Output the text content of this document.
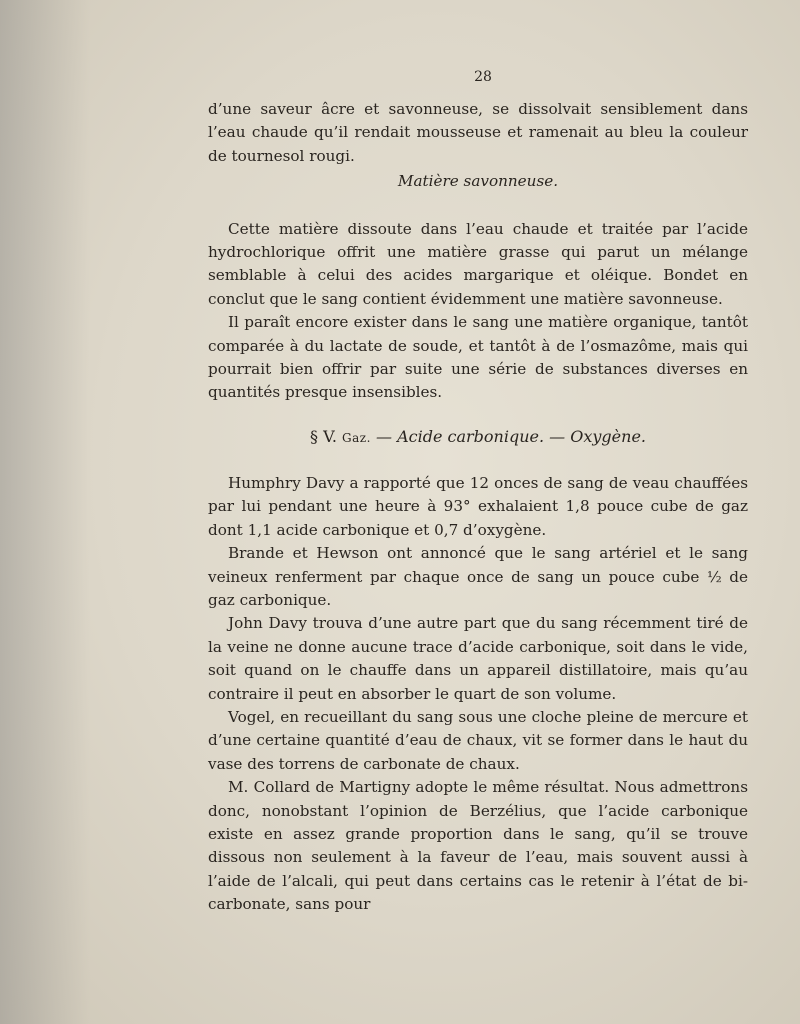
28

d’une saveur âcre et savonneuse, se dissolvait sensiblement dans l’eau chaude qu’il rendait mousseuse et ramenait au bleu la couleur de tournesol rougi.

Matière savonneuse.

Cette matière dissoute dans l’eau chaude et traitée par l’acide hydrochlorique offrit une matière grasse qui parut un mélange semblable à celui des acides margarique et oléique. Bondet en conclut que le sang contient évidemment une matière savonneuse.

Il paraît encore exister dans le sang une matière organique, tantôt comparée à du lactate de soude, et tantôt à de l’osmazôme, mais qui pourrait bien offrir par suite une série de substances diverses en quantités presque insensibles.

§ V. Gaz. — Acide carbonique. — Oxygène.

Humphry Davy a rapporté que 12 onces de sang de veau chauffées par lui pendant une heure à 93° exhalaient 1,8 pouce cube de gaz dont 1,1 acide carbonique et 0,7 d’oxygène.

Brande et Hewson ont annoncé que le sang artériel et le sang veineux renferment par chaque once de sang un pouce cube ½ de gaz carbonique.

John Davy trouva d’une autre part que du sang récemment tiré de la veine ne donne aucune trace d’acide carbonique, soit dans le vide, soit quand on le chauffe dans un appareil distillatoire, mais qu’au contraire il peut en absorber le quart de son volume.

Vogel, en recueillant du sang sous une cloche pleine de mercure et d’une certaine quantité d’eau de chaux, vit se former dans le haut du vase des torrens de carbonate de chaux.

M. Collard de Martigny adopte le même résultat. Nous admettrons donc, nonobstant l’opinion de Berzélius, que l’acide carbonique existe en assez grande proportion dans le sang, qu’il se trouve dissous non seulement à la faveur de l’eau, mais souvent aussi à l’aide de l’alcali, qui peut dans certains cas le retenir à l’état de bi-carbonate, sans pour
